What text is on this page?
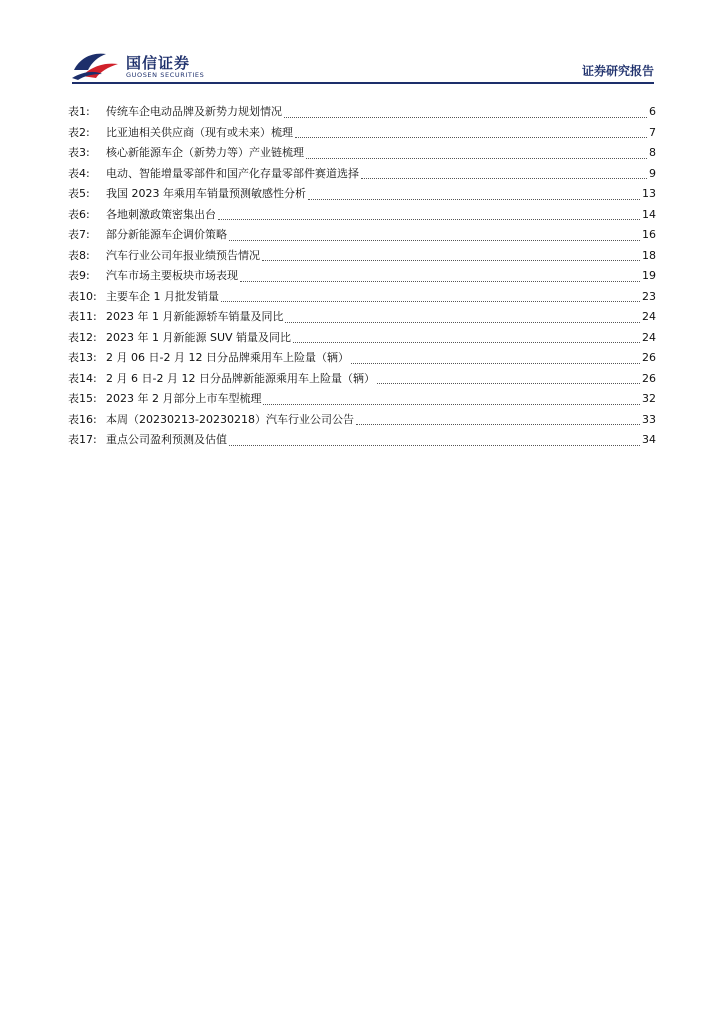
国信证券
GUOSEN SECURITIES	证券研究报告
表1:	传统车企电动品牌及新势力规划情况	6
表2:	比亚迪相关供应商（现有或未来）梳理	7
表3:	核心新能源车企（新势力等）产业链梳理	8
表4:	电动、智能增量零部件和国产化存量零部件赛道选择	9
表5:	我国 2023 年乘用车销量预测敏感性分析	13
表6:	各地刺激政策密集出台	14
表7:	部分新能源车企调价策略	16
表8:	汽车行业公司年报业绩预告情况	18
表9:	汽车市场主要板块市场表现	19
表10: 主要车企 1 月批发销量	23
表11: 2023 年 1 月新能源轿车销量及同比	24
表12: 2023 年 1 月新能源 SUV 销量及同比	24
表13: 2 月 06 日-2 月 12 日分品牌乘用车上险量（辆）	26
表14: 2 月 6 日-2 月 12 日分品牌新能源乘用车上险量（辆）	26
表15: 2023 年 2 月部分上市车型梳理	32
表16: 本周（20230213-20230218）汽车行业公司公告	33
表17: 重点公司盈利预测及估值	34
